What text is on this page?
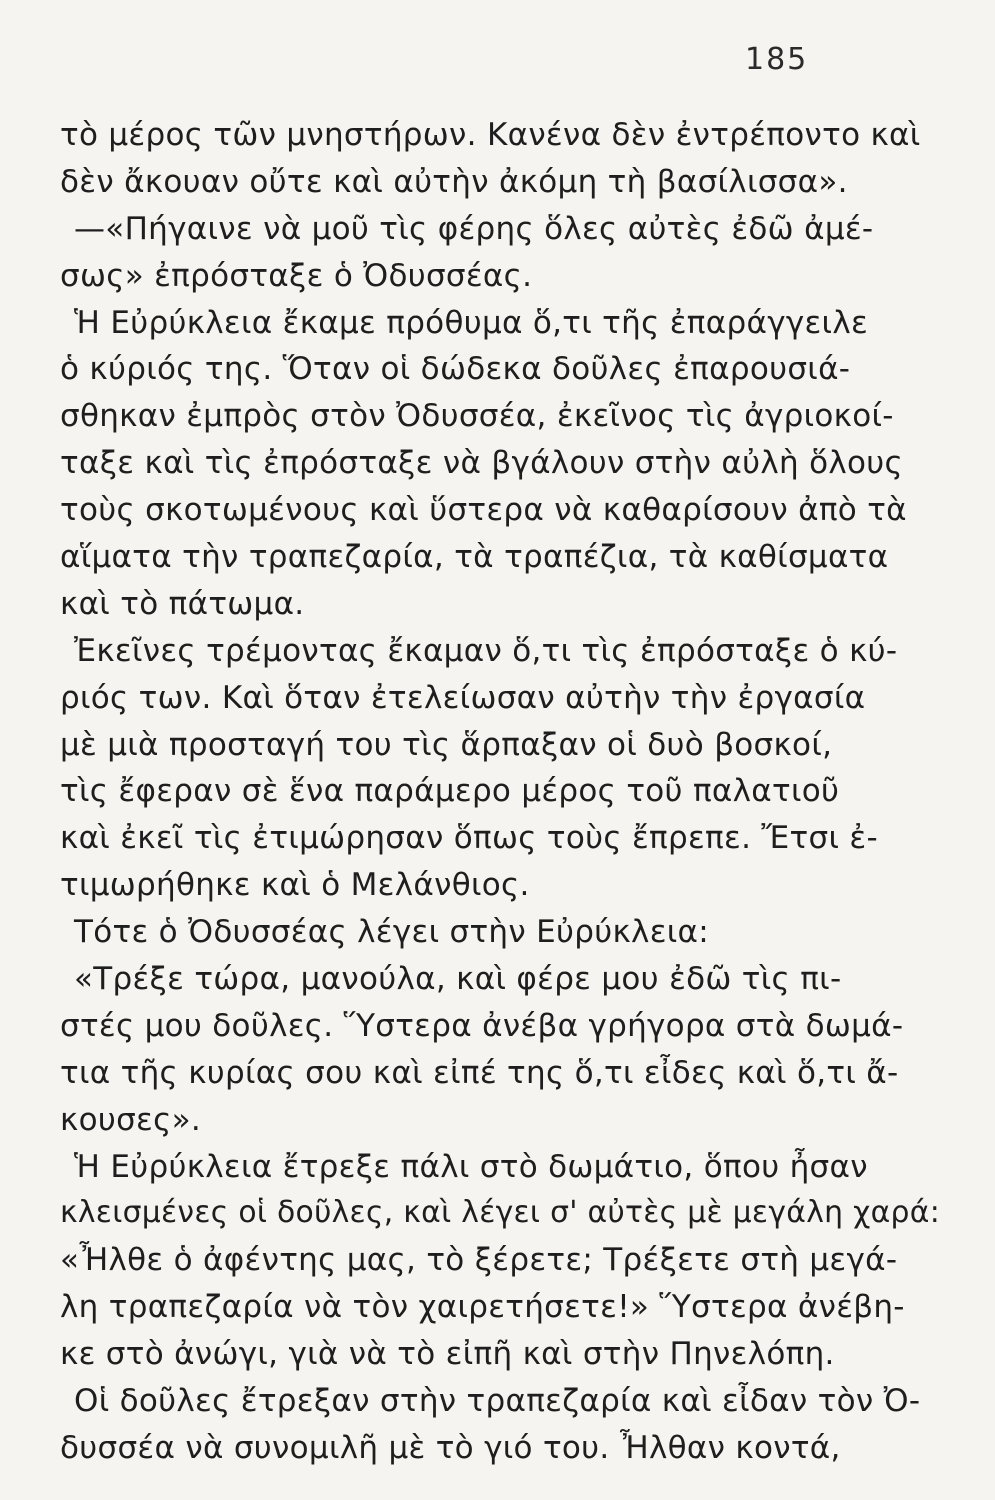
185
τὸ μέρος τῶν μνηστήρων. Κανένα δὲν ἐντρέποντο καὶ
δὲν ἄκουαν οὔτε καὶ αὐτὴν ἀκόμη τὴ βασίλισσα».
—«Πήγαινε νὰ μοῦ τὶς φέρης ὅλες αὐτὲς ἐδῶ ἀμέ-
σως» ἐπρόσταξε ὁ Ὀδυσσέας.
Ἡ Εὐρύκλεια ἔκαμε πρόθυμα ὅ,τι τῆς ἐπαράγγειλε
ὁ κύριός της. Ὅταν οἱ δώδεκα δοῦλες ἐπαρουσιά-
σθηκαν ἐμπρὸς στὸν Ὀδυσσέα, ἐκεῖνος τὶς ἀγριοκοί-
ταξε καὶ τὶς ἐπρόσταξε νὰ βγάλουν στὴν αὐλὴ ὅλους
τοὺς σκοτωμένους καὶ ὕστερα νὰ καθαρίσουν ἀπὸ τὰ
αἵματα τὴν τραπεζαρία, τὰ τραπέζια, τὰ καθίσματα
καὶ τὸ πάτωμα.
Ἐκεῖνες τρέμοντας ἔκαμαν ὅ,τι τὶς ἐπρόσταξε ὁ κύ-
ριός των. Καὶ ὅταν ἐτελείωσαν αὐτὴν τὴν ἐργασία
μὲ μιὰ προσταγή του τὶς ἅρπαξαν οἱ δυὸ βοσκοί,
τὶς ἔφεραν σὲ ἕνα παράμερο μέρος τοῦ παλατιοῦ
καὶ ἐκεῖ τὶς ἐτιμώρησαν ὅπως τοὺς ἔπρεπε. Ἔτσι ἐ-
τιμωρήθηκε καὶ ὁ Μελάνθιος.
Τότε ὁ Ὀδυσσέας λέγει στὴν Εὐρύκλεια:
«Τρέξε τώρα, μανούλα, καὶ φέρε μου ἐδῶ τὶς πι-
στές μου δοῦλες. Ὕστερα ἀνέβα γρήγορα στὰ δωμά-
τια τῆς κυρίας σου καὶ εἰπέ της ὅ,τι εἶδες καὶ ὅ,τι ἄ-
κουσες».
Ἡ Εὐρύκλεια ἔτρεξε πάλι στὸ δωμάτιο, ὅπου ἦσαν
κλεισμένες οἱ δοῦλες, καὶ λέγει σ' αὐτὲς μὲ μεγάλη χαρά:
«Ἦλθε ὁ ἀφέντης μας, τὸ ξέρετε; Τρέξετε στὴ μεγά-
λη τραπεζαρία νὰ τὸν χαιρετήσετε!» Ὕστερα ἀνέβη-
κε στὸ ἀνώγι, γιὰ νὰ τὸ εἰπῆ καὶ στὴν Πηνελόπη.
Οἱ δοῦλες ἔτρεξαν στὴν τραπεζαρία καὶ εἶδαν τὸν Ὀ-
δυσσέα νὰ συνομιλῆ μὲ τὸ γιό του. Ἦλθαν κοντά,
